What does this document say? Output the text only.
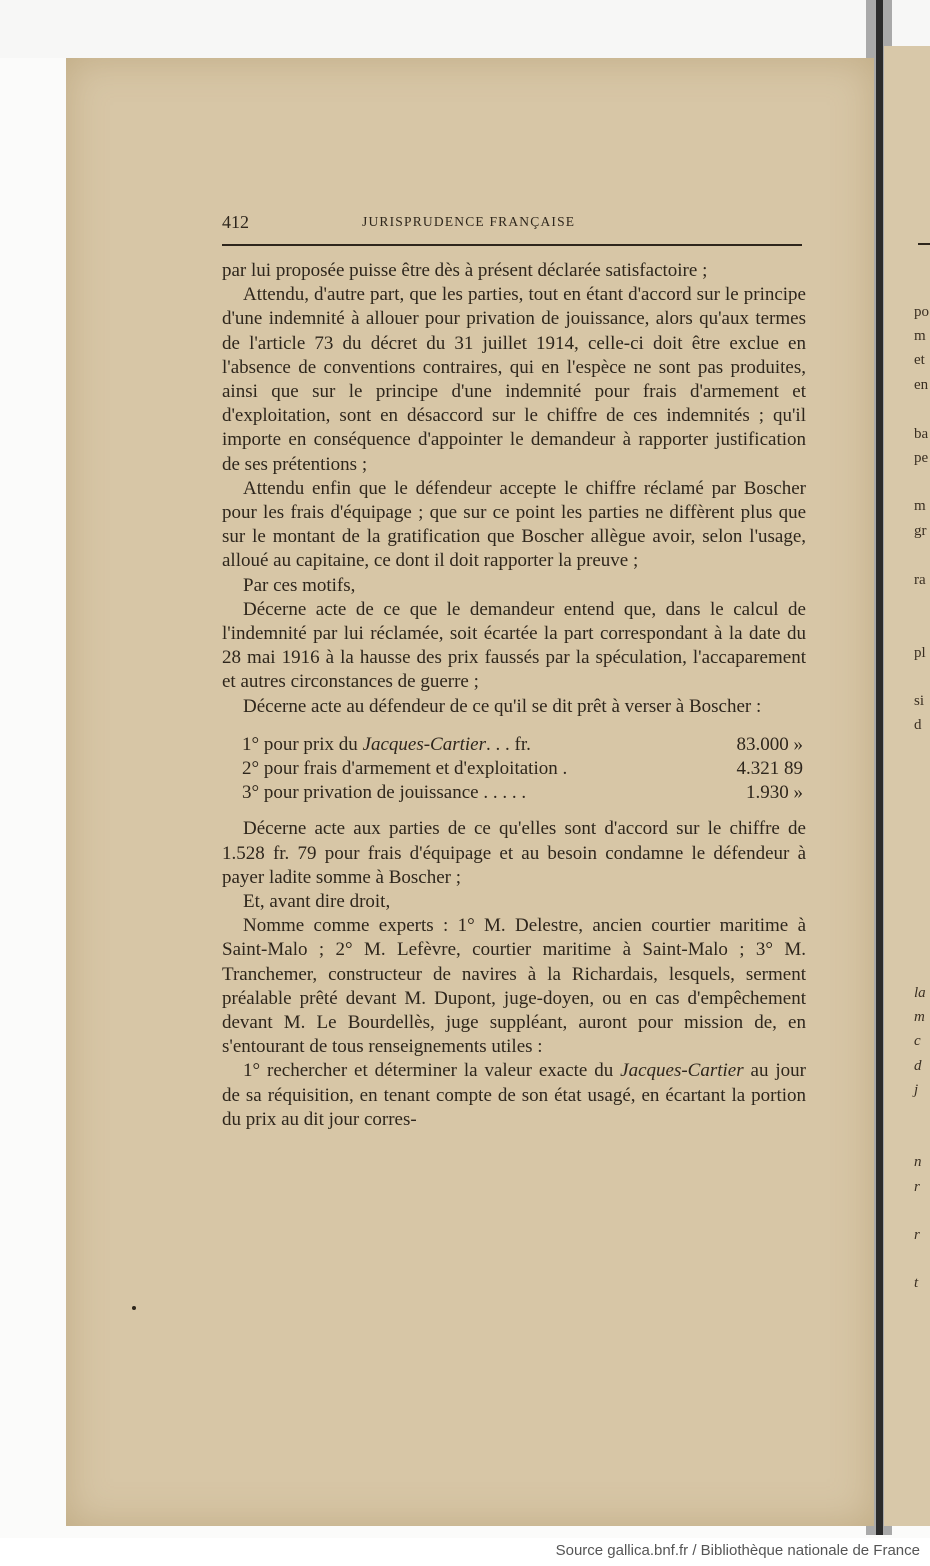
po
m
et
en
ba
pe
m
gr
ra
pl
si
d
la
m
c
d
j
n
r
r
t
412	JURISPRUDENCE FRANÇAISE

par lui proposée puisse être dès à présent déclarée satisfactoire ;

Attendu, d'autre part, que les parties, tout en étant d'accord sur le principe d'une indemnité à allouer pour privation de jouissance, alors qu'aux termes de l'article 73 du décret du 31 juillet 1914, celle-ci doit être exclue en l'absence de conventions contraires, qui en l'espèce ne sont pas produites, ainsi que sur le principe d'une indemnité pour frais d'armement et d'exploitation, sont en désaccord sur le chiffre de ces indemnités ; qu'il importe en conséquence d'appointer le demandeur à rapporter justification de ses prétentions ;

Attendu enfin que le défendeur accepte le chiffre réclamé par Boscher pour les frais d'équipage ; que sur ce point les parties ne diffèrent plus que sur le montant de la gratification que Boscher allègue avoir, selon l'usage, alloué au capitaine, ce dont il doit rapporter la preuve ;

Par ces motifs,

Décerne acte de ce que le demandeur entend que, dans le calcul de l'indemnité par lui réclamée, soit écartée la part correspondant à la date du 28 mai 1916 à la hausse des prix faussés par la spéculation, l'accaparement et autres circonstances de guerre ;

Décerne acte au défendeur de ce qu'il se dit prêt à verser à Boscher :

1° pour prix du Jacques-Cartier. . . fr.	83.000 »
2° pour frais d'armement et d'exploitation .	4.321 89
3° pour privation de jouissance . . . . .	1.930 »

Décerne acte aux parties de ce qu'elles sont d'accord sur le chiffre de 1.528 fr. 79 pour frais d'équipage et au besoin condamne le défendeur à payer ladite somme à Boscher ;

Et, avant dire droit,

Nomme comme experts : 1° M. Delestre, ancien courtier maritime à Saint-Malo ; 2° M. Lefèvre, courtier maritime à Saint-Malo ; 3° M. Tranchemer, constructeur de navires à la Richardais, lesquels, serment préalable prêté devant M. Dupont, juge-doyen, ou en cas d'empêchement devant M. Le Bourdellès, juge suppléant, auront pour mission de, en s'entourant de tous renseignements utiles :

1° rechercher et déterminer la valeur exacte du Jacques-Cartier au jour de sa réquisition, en tenant compte de son état usagé, en écartant la portion du prix au dit jour corres-

Source gallica.bnf.fr / Bibliothèque nationale de France
